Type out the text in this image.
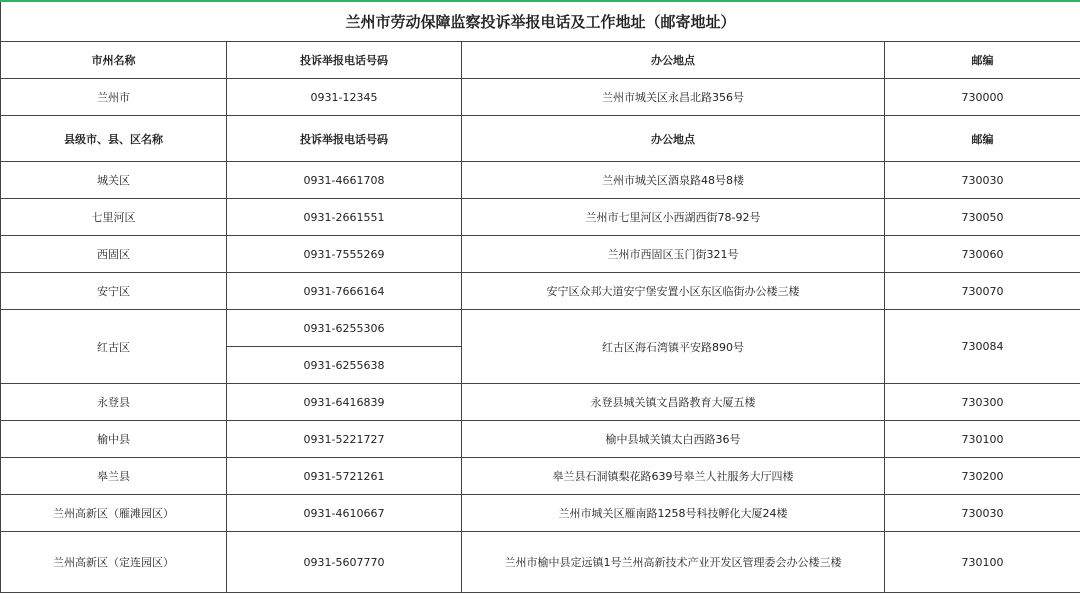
兰州市劳动保障监察投诉举报电话及工作地址（邮寄地址）			
市州名称	投诉举报电话号码	办公地点	邮编
兰州市	0931-12345	兰州市城关区永昌北路356号	730000
县级市、县、区名称	投诉举报电话号码	办公地点	邮编
城关区	0931-4661708	兰州市城关区酒泉路48号8楼	730030
七里河区	0931-2661551	兰州市七里河区小西湖西街78-92号	730050
西固区	0931-7555269	兰州市西固区玉门街321号	730060
安宁区	0931-7666164	安宁区众邦大道安宁堡安置小区东区临街办公楼三楼	730070
红古区	0931-6255306	红古区海石湾镇平安路890号	730084
	0931-6255638		
永登县	0931-6416839	永登县城关镇文昌路教育大厦五楼	730300
榆中县	0931-5221727	榆中县城关镇太白西路36号	730100
皋兰县	0931-5721261	皋兰县石洞镇梨花路639号皋兰人社服务大厅四楼	730200
兰州高新区（雁滩园区）	0931-4610667	兰州市城关区雁南路1258号科技孵化大厦24楼	730030
兰州高新区（定连园区）	0931-5607770	兰州市榆中县定远镇1号兰州高新技术产业开发区管理委会办公楼三楼	730100
